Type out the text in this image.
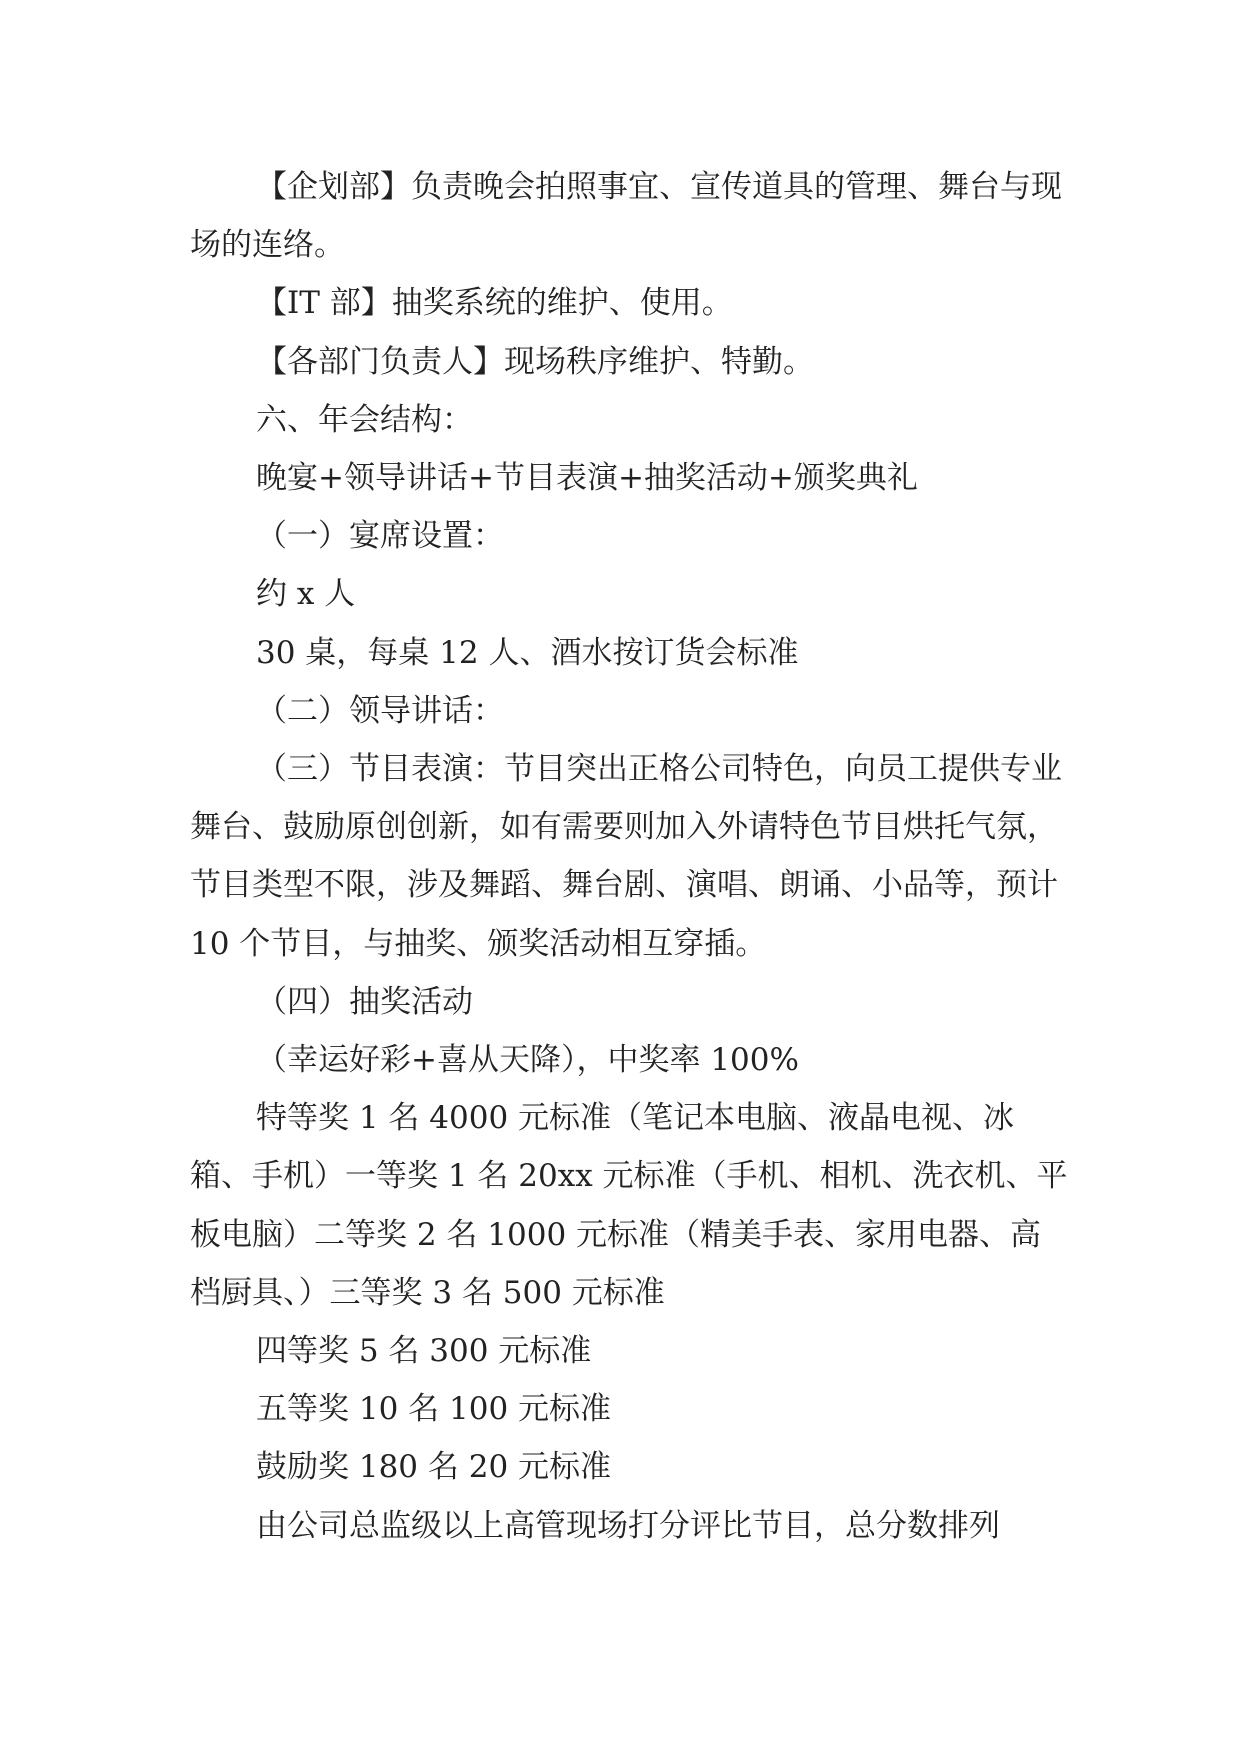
【企划部】负责晚会拍照事宜、宣传道具的管理、舞台与现场的连络。

【IT 部】抽奖系统的维护、使用。

【各部门负责人】现场秩序维护、特勤。

六、年会结构：

晚宴+领导讲话+节目表演+抽奖活动+颁奖典礼

（一）宴席设置：

约 x 人

30 桌，每桌 12 人、酒水按订货会标准

（二）领导讲话：

（三）节目表演：节目突出正格公司特色，向员工提供专业舞台、鼓励原创创新，如有需要则加入外请特色节目烘托气氛，节目类型不限，涉及舞蹈、舞台剧、演唱、朗诵、小品等，预计 10 个节目，与抽奖、颁奖活动相互穿插。

（四）抽奖活动

（幸运好彩+喜从天降），中奖率 100%

特等奖 1 名 4000 元标准（笔记本电脑、液晶电视、冰箱、手机）一等奖 1 名 20xx 元标准（手机、相机、洗衣机、平板电脑）二等奖 2 名 1000 元标准（精美手表、家用电器、高档厨具、）三等奖 3 名 500 元标准

四等奖 5 名 300 元标准

五等奖 10 名 100 元标准

鼓励奖 180 名 20 元标准

由公司总监级以上高管现场打分评比节目，总分数排列
